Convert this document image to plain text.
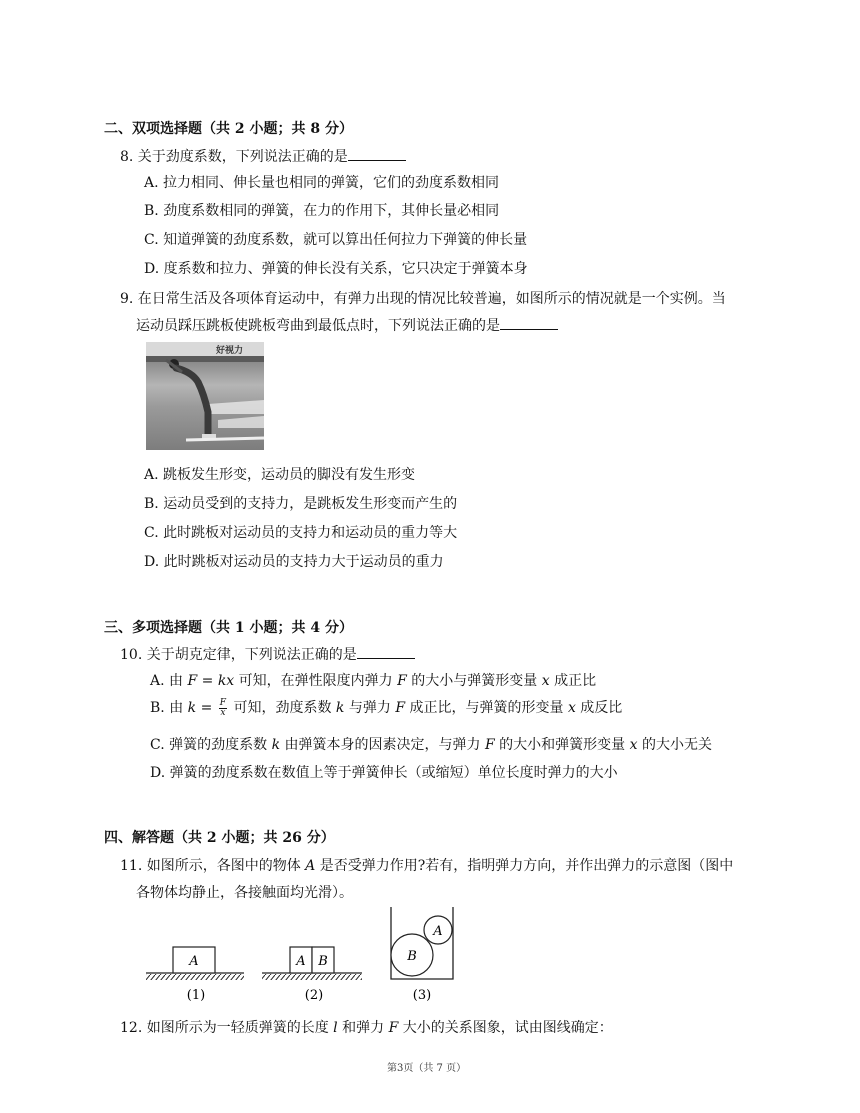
二、双项选择题（共 2 小题；共 8 分）
8. 关于劲度系数，下列说法正确的是
A. 拉力相同、伸长量也相同的弹簧，它们的劲度系数相同
B. 劲度系数相同的弹簧，在力的作用下，其伸长量必相同
C. 知道弹簧的劲度系数，就可以算出任何拉力下弹簧的伸长量
D. 度系数和拉力、弹簧的伸长没有关系，它只决定于弹簧本身
9. 在日常生活及各项体育运动中，有弹力出现的情况比较普遍，如图所示的情况就是一个实例。当
运动员踩压跳板使跳板弯曲到最低点时，下列说法正确的是
好视力
A. 跳板发生形变，运动员的脚没有发生形变
B. 运动员受到的支持力，是跳板发生形变而产生的
C. 此时跳板对运动员的支持力和运动员的重力等大
D. 此时跳板对运动员的支持力大于运动员的重力
三、多项选择题（共 1 小题；共 4 分）
10. 关于胡克定律，下列说法正确的是
A. 由 F = kx 可知，在弹性限度内弹力 F 的大小与弹簧形变量 x 成正比
B. 由 $k = \frac{F}{x}$ 可知，劲度系数 k 与弹力 F 成正比，与弹簧的形变量 x 成反比
C. 弹簧的劲度系数 k 由弹簧本身的因素决定，与弹力 F 的大小和弹簧形变量 x 的大小无关
D. 弹簧的劲度系数在数值上等于弹簧伸长（或缩短）单位长度时弹力的大小
四、解答题（共 2 小题；共 26 分）
11. 如图所示，各图中的物体 A 是否受弹力作用?若有，指明弹力方向，并作出弹力的示意图（图中
各物体均静止，各接触面均光滑）。
A
(1)
A B
(2)
B
A
(3)
12. 如图所示为一轻质弹簧的长度 l 和弹力 F 大小的关系图象，试由图线确定：
第3页（共 7 页）
